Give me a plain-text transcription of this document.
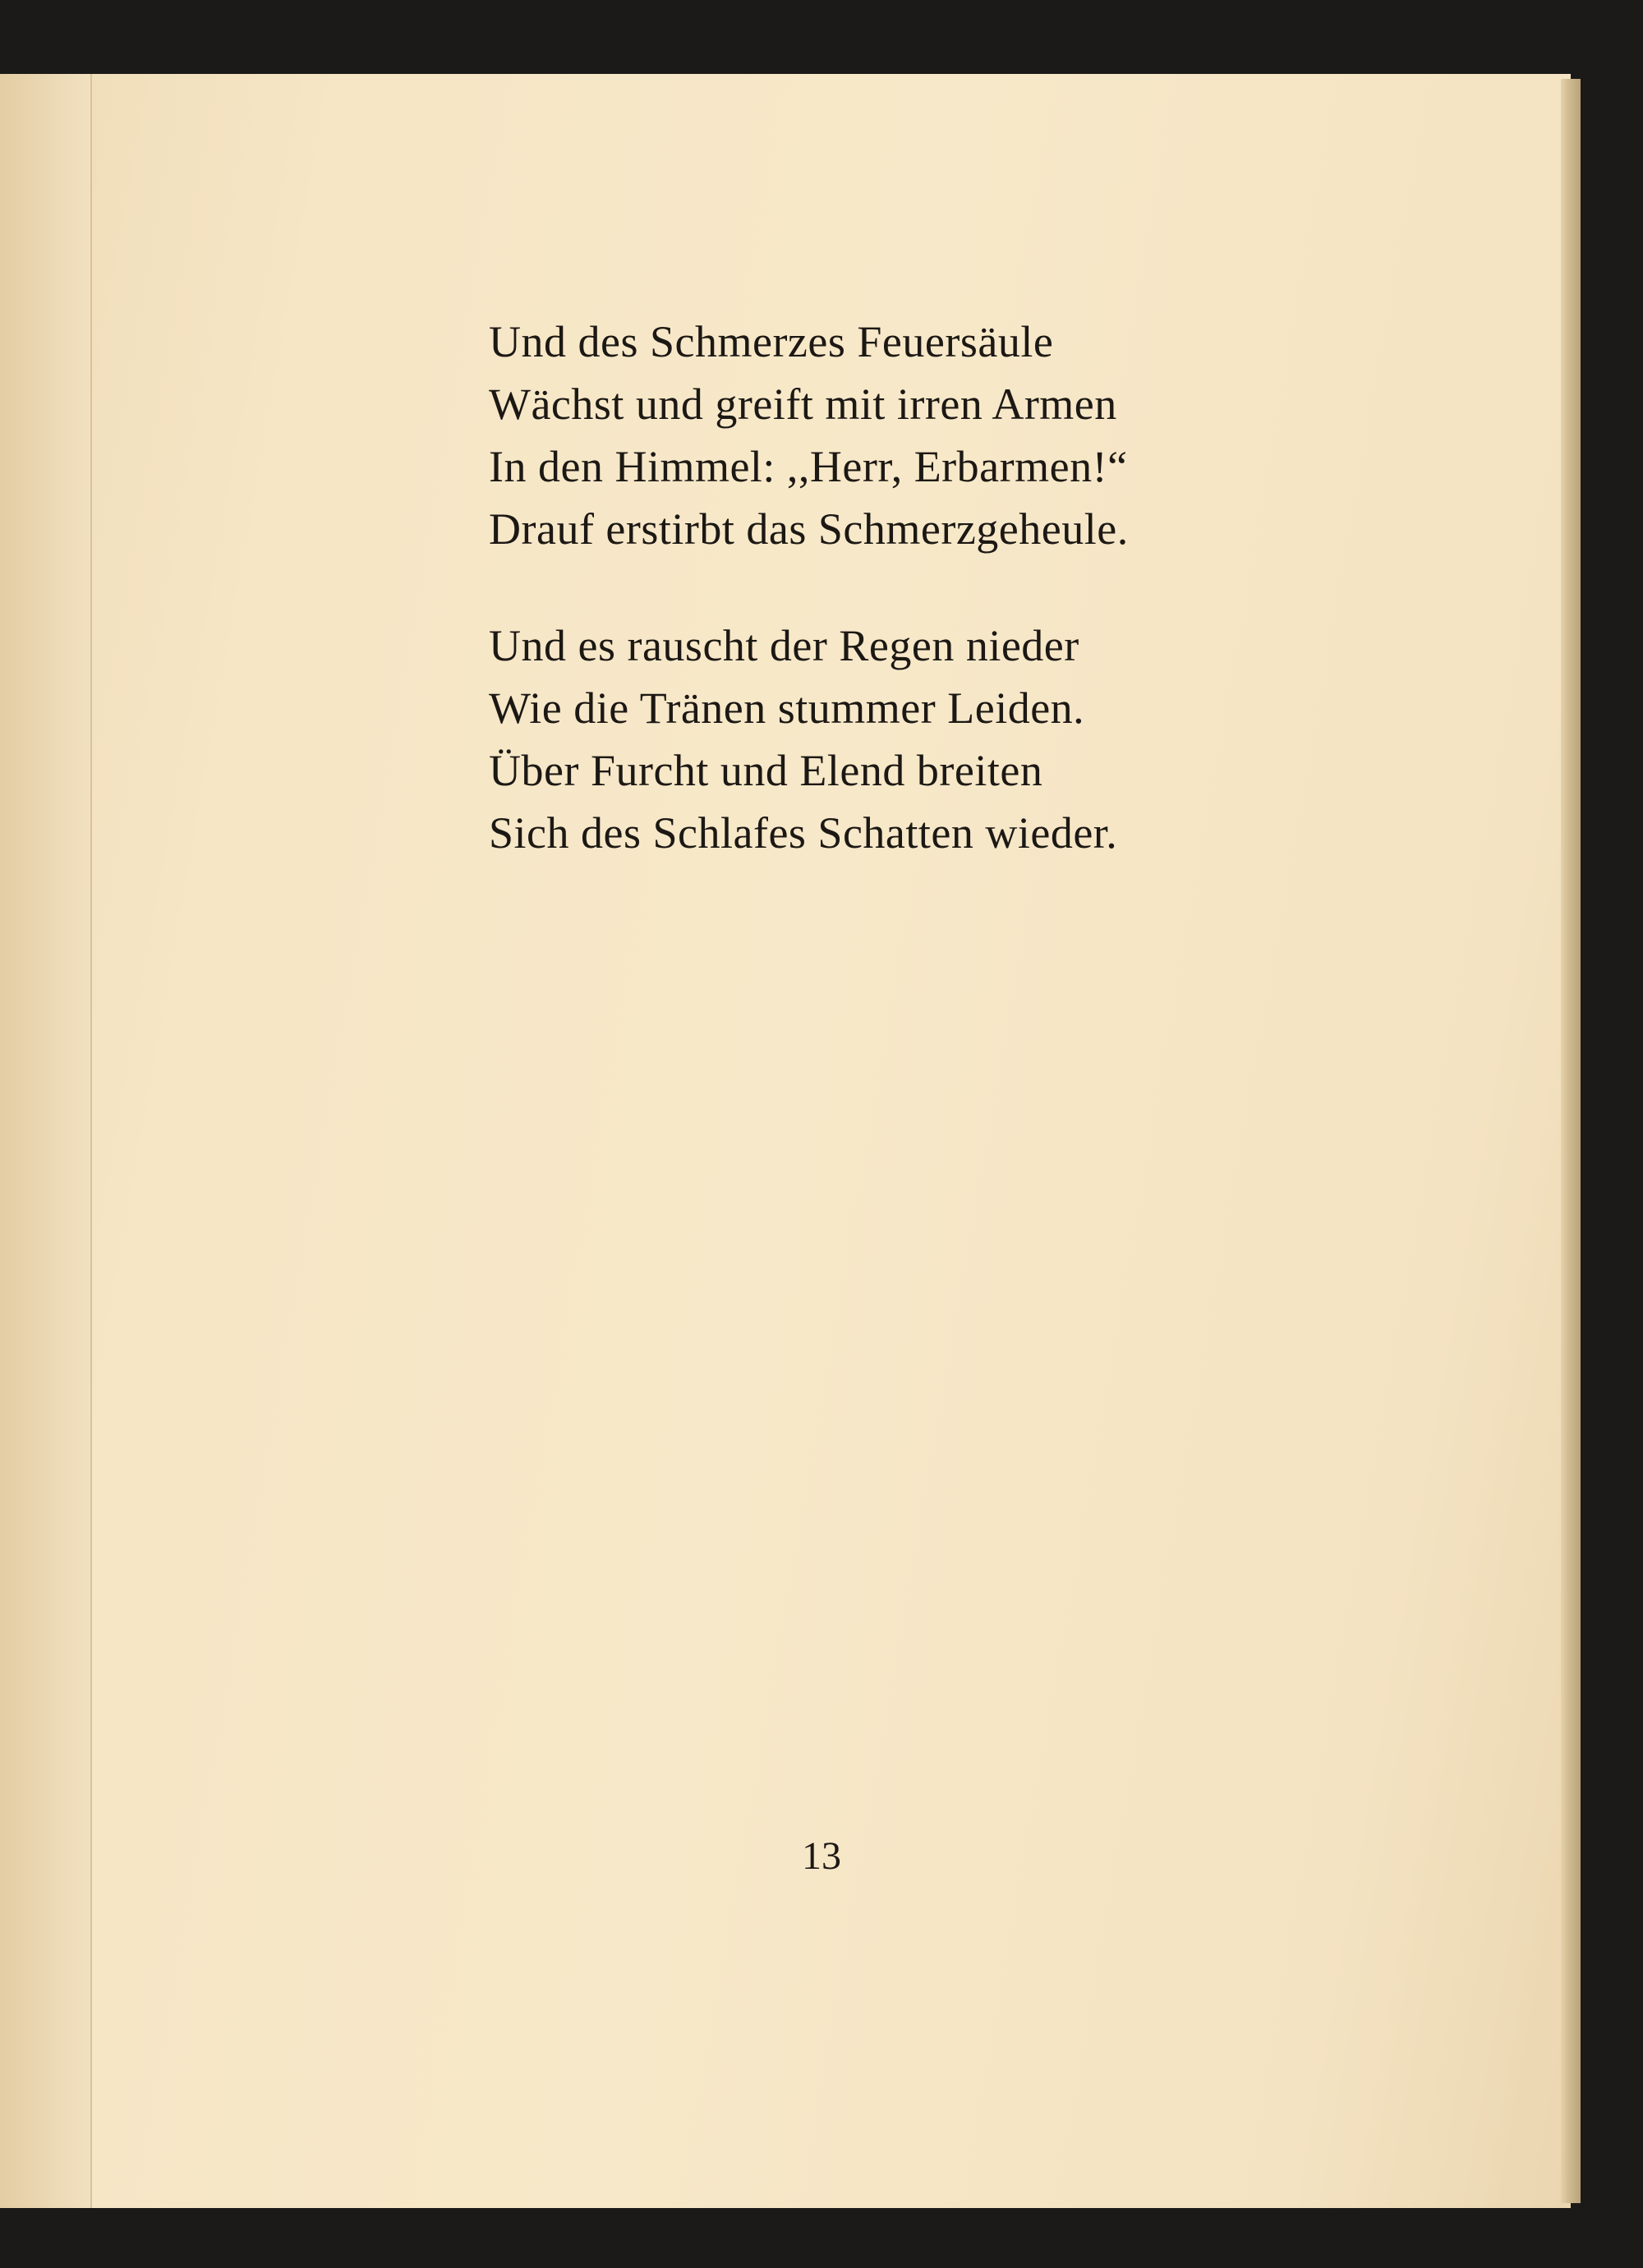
Und des Schmerzes Feuersäule
Wächst und greift mit irren Armen
In den Himmel: ,,Herr, Erbarmen!“
Drauf erstirbt das Schmerzgeheule.
Und es rauscht der Regen nieder
Wie die Tränen stummer Leiden.
Über Furcht und Elend breiten
Sich des Schlafes Schatten wieder.
13
